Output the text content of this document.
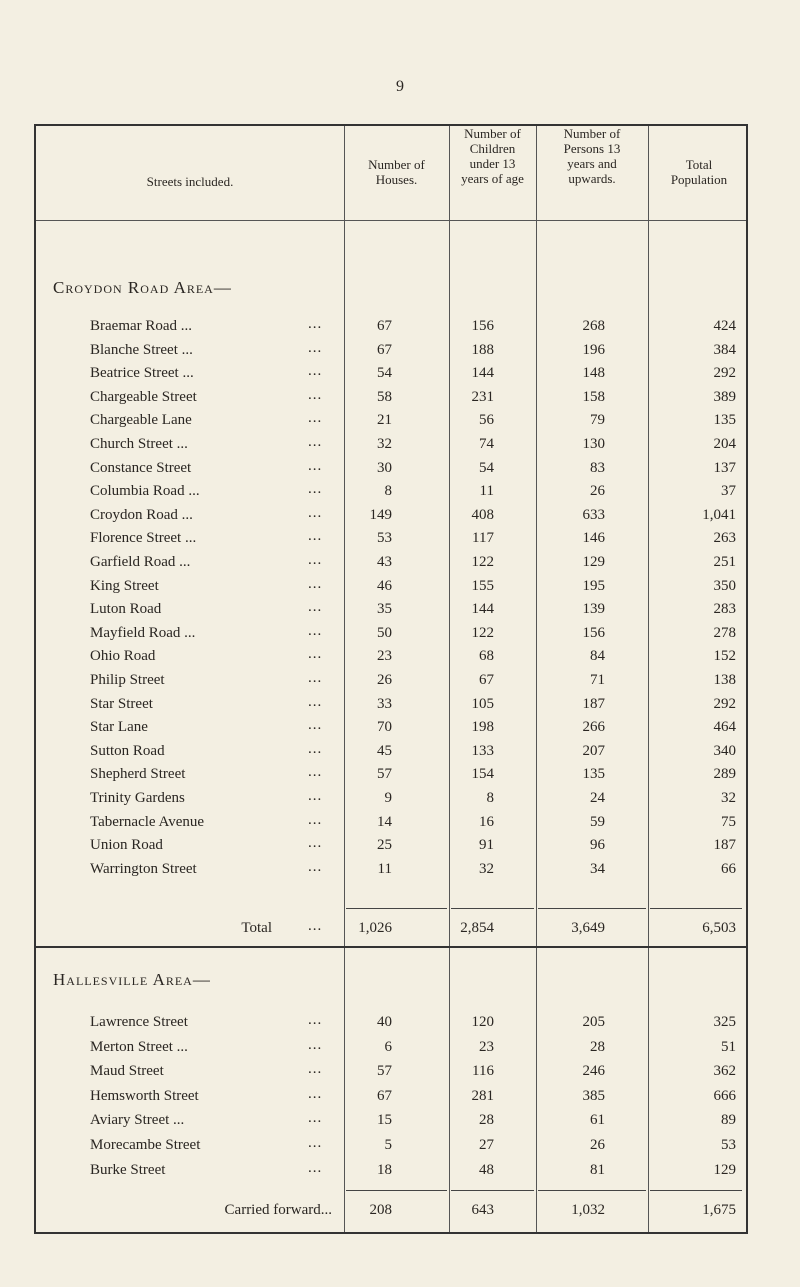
9
Streets included.
Number of
Houses.
Number of
Children
under 13
years of age
Number of
Persons 13
years and
upwards.
Total
Population
Croydon Road Area—
Braemar Road ...	...	67	156	268	424
Blanche Street ...	...	67	188	196	384
Beatrice Street ...	...	54	144	148	292
Chargeable Street	...	58	231	158	389
Chargeable Lane	...	21	56	79	135
Church Street ...	...	32	74	130	204
Constance Street	...	30	54	83	137
Columbia Road ...	...	8	11	26	37
Croydon Road ...	...	149	408	633	1,041
Florence Street ...	...	53	117	146	263
Garfield Road ...	...	43	122	129	251
King Street	...	46	155	195	350
Luton Road	...	35	144	139	283
Mayfield Road ...	...	50	122	156	278
Ohio Road	...	23	68	84	152
Philip Street	...	26	67	71	138
Star Street	...	33	105	187	292
Star Lane	...	70	198	266	464
Sutton Road	...	45	133	207	340
Shepherd Street	...	57	154	135	289
Trinity Gardens	...	9	8	24	32
Tabernacle Avenue	...	14	16	59	75
Union Road	...	25	91	96	187
Warrington Street	...	11	32	34	66
Total ... 1,026	2,854	3,649	6,503
Hallesville Area—
Lawrence Street	...	40	120	205	325
Merton Street ...	...	6	23	28	51
Maud Street	...	57	116	246	362
Hemsworth Street	...	67	281	385	666
Aviary Street ...	...	15	28	61	89
Morecambe Street	...	5	27	26	53
Burke Street	...	18	48	81	129
Carried forward...	208	643	1,032	1,675
